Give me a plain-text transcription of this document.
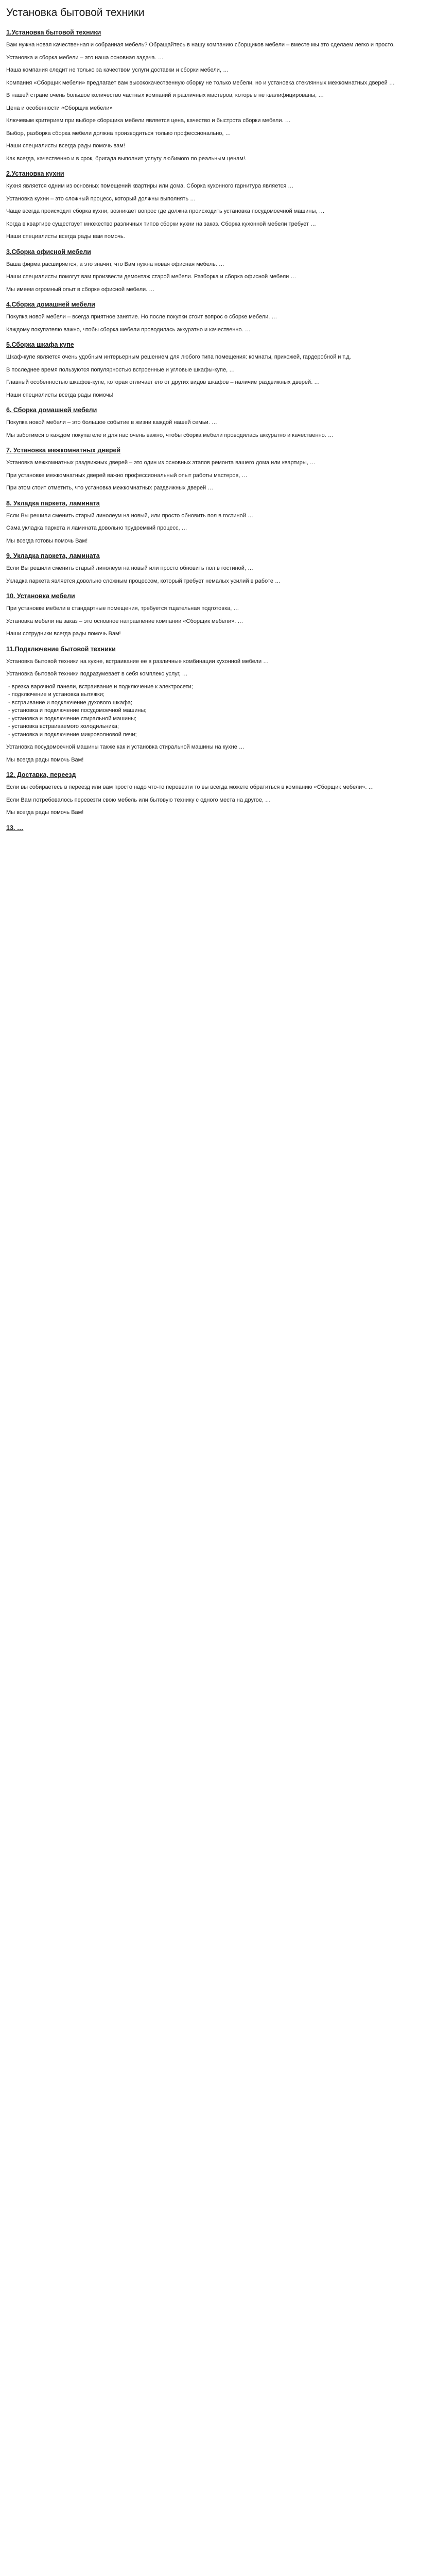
Установка бытовой техники
1.Установка бытовой техники

Вам нужна новая качественная и собранная мебель? Обращайтесь в нашу компанию сборщиков мебели – вместе мы это сделаем легко и просто.

Установка и сборка мебели – это наша основная задача. …

Наша компания следит не только за качеством услуги доставки и сборки мебели, …

Компания «Сборщик мебели» предлагает вам высококачественную сборку не только мебели, но и установка стеклянных межкомнатных дверей …

В нашей стране очень большое количество частных компаний и различных мастеров, которые не квалифицированы, …

Цена и особенности «Сборщик мебели»

Ключевым критерием при выборе сборщика мебели является цена, качество и быстрота сборки мебели. …

Выбор, разборка сборка мебели должна производиться только профессионально, …

Наши специалисты всегда рады помочь вам!

Как всегда, качественно и в срок, бригада выполнит услугу любимого по реальным ценам!.

2.Установка кухни

Кухня является одним из основных помещений квартиры или дома. Сборка кухонного гарнитура является …

Установка кухни – это сложный процесс, который должны выполнять …

Чаще всегда происходит сборка кухни, возникает вопрос где должна происходить установка посудомоечной машины, …

Когда в квартире существует множество различных типов сборки кухни на заказ. Сборка кухонной мебели требует …

Наши специалисты всегда рады вам помочь.

3.Сборка офисной мебели

Ваша фирма расширяется, а это значит, что Вам нужна новая офисная мебель. …

Наши специалисты помогут вам произвести демонтаж старой мебели. Разборка и сборка офисной мебели …

Мы имеем огромный опыт в сборке офисной мебели. …

4.Сборка домашней мебели

Покупка новой мебели – всегда приятное занятие. Но после покупки стоит вопрос о сборке мебели. …

Каждому покупателю важно, чтобы сборка мебели проводилась аккуратно и качественно. …

5.Сборка шкафа купе

Шкаф-купе является очень удобным интерьерным решением для любого типа помещения: комнаты, прихожей, гардеробной и т.д.

В последнее время пользуются популярностью встроенные и угловые шкафы-купе, …

Главный особенностью шкафов-купе, которая отличает его от других видов шкафов – наличие раздвижных дверей. …

Наши специалисты всегда рады помочь!

6. Сборка домашней мебели

Покупка новой мебели – это большое событие в жизни каждой нашей семьи. …

Мы заботимся о каждом покупателе и для нас очень важно, чтобы сборка мебели проводилась аккуратно и качественно. …

7. Установка межкомнатных дверей

Установка межкомнатных раздвижных дверей – это один из основных этапов ремонта вашего дома или квартиры, …

При установке межкомнатных дверей важно профессиональный опыт работы мастеров, …

При этом стоит отметить, что установка межкомнатных раздвижных дверей …

8. Укладка паркета, ламината

Если Вы решили сменить старый линолеум на новый, или просто обновить пол в гостиной …

Сама укладка паркета и ламината довольно трудоемкий процесс, …

Мы всегда готовы помочь Вам!

9. Укладка паркета, ламината

Если Вы решили сменить старый линолеум на новый или просто обновить пол в гостиной, …

Укладка паркета является довольно сложным процессом, который требует немалых усилий в работе …

10. Установка мебели

При установке мебели в стандартные помещения, требуется тщательная подготовка, …

Установка мебели на заказ – это основное направление компании «Сборщик мебели». …

Наши сотрудники всегда рады помочь Вам!

11.Подключение бытовой техники

Установка бытовой техники на кухне, встраивание ее в различные комбинации кухонной мебели …

Установка бытовой техники подразумевает в себя комплекс услуг, …

- врезка варочной панели, встраивание и подключение к электросети;
- подключение и установка вытяжки;
- встраивание и подключение духового шкафа;
- установка и подключение посудомоечной машины;
- установка и подключение стиральной машины;
- установка встраиваемого холодильника;
- установка и подключение микроволновой печи;

Установка посудомоечной машины также как и установка стиральной машины на кухне …

Мы всегда рады помочь Вам!

12. Доставка, переезд

Если вы собираетесь в переезд или вам просто надо что-то перевезти то вы всегда можете обратиться в компанию «Сборщик мебели». …

Если Вам потребовалось перевезти свою мебель или бытовую технику с одного места на другое, …

Мы всегда рады помочь Вам!

13. …
